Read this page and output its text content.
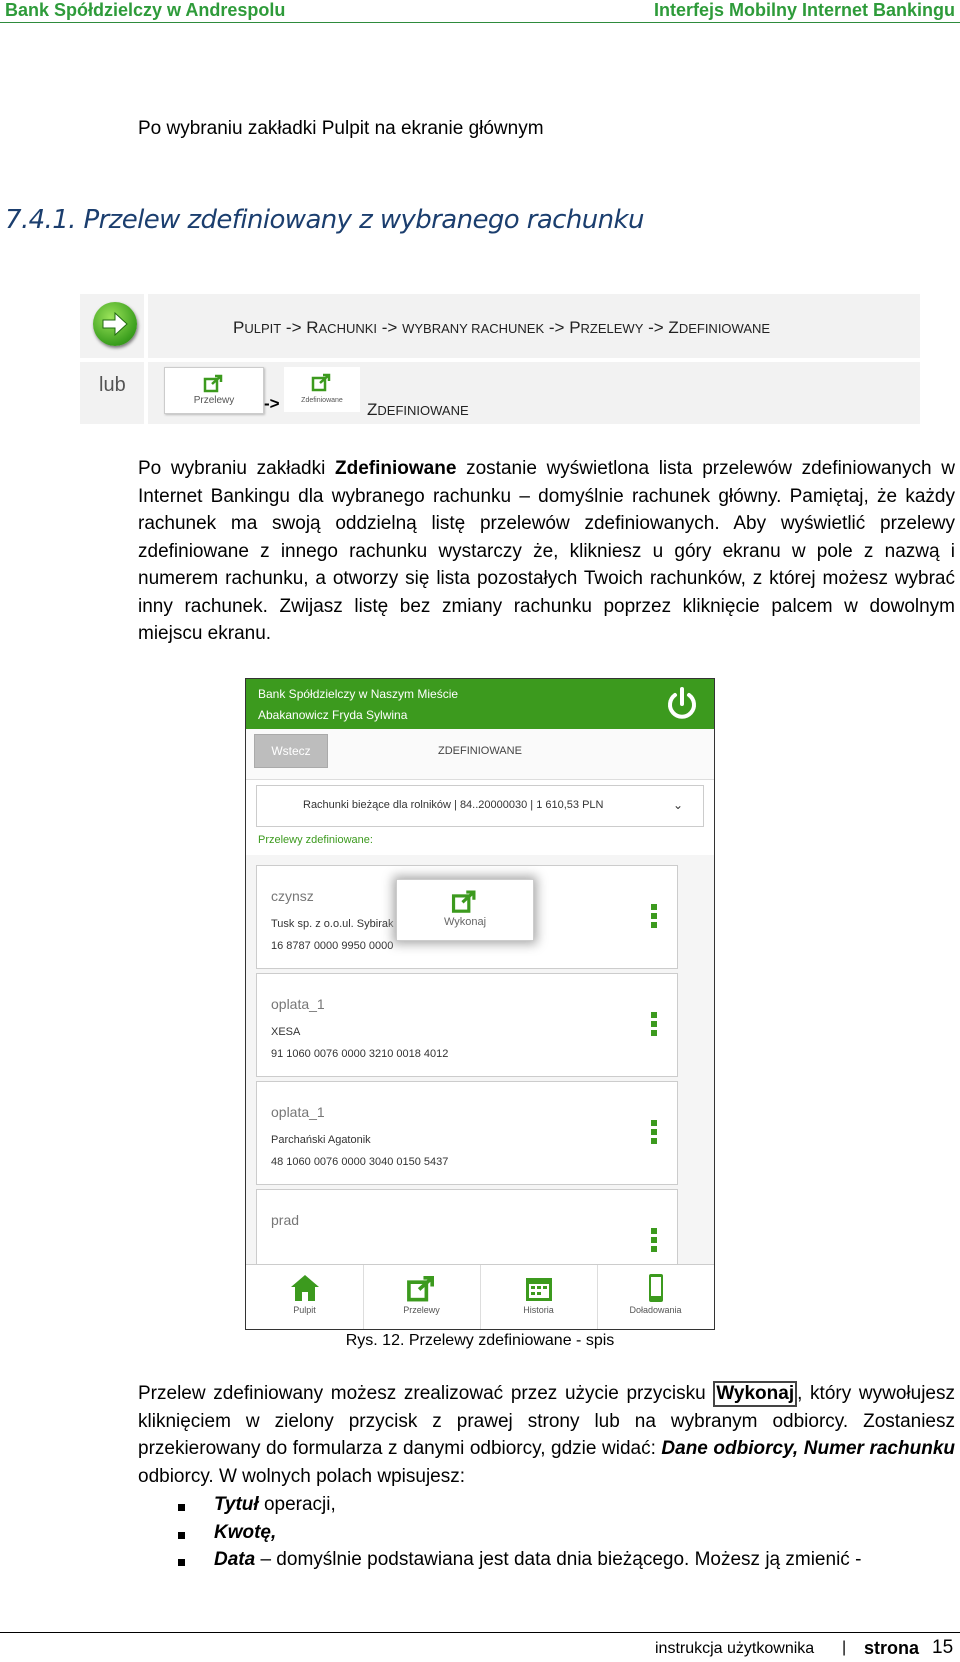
Bank Spółdzielczy w Andrespolu	Interfejs Mobilny Internet Bankingu
Po wybraniu zakładki Pulpit na ekranie głównym
7.4.1. Przelew zdefiniowany z wybranego rachunku
PULPIT -> RACHUNKI -> WYBRANY RACHUNEK -> PRZELEWY -> ZDEFINIOWANE
lub
Przelewy	->	Zdefiniowane	ZDEFINIOWANE
Po wybraniu zakładki Zdefiniowane zostanie wyświetlona lista przelewów zdefiniowanych w Internet Bankingu dla wybranego rachunku – domyślnie rachunek główny. Pamiętaj, że każdy rachunek ma swoją oddzielną listę przelewów zdefiniowanych. Aby wyświetlić przelewy zdefiniowane z innego rachunku wystarczy że, klikniesz u góry ekranu w pole z nazwą i numerem rachunku, a otworzy się lista pozostałych Twoich rachunków, z której możesz wybrać inny rachunek. Zwijasz listę bez zmiany rachunku poprzez kliknięcie palcem w dowolnym miejscu ekranu.
Bank Spółdzielczy w Naszym Mieście
Abakanowicz Fryda Sylwina
Wstecz	ZDEFINIOWANE
Rachunki bieżące dla rolników | 84..20000030 | 1 610,53 PLN	⌄
Przelewy zdefiniowane:
czynsz
Tusk sp. z o.o.ul. Sybirak
16 8787 0000 9950 0000
oplata_1
XESA
91 1060 0076 0000 3210 0018 4012
oplata_1
Parchański Agatonik
48 1060 0076 0000 3040 0150 5437
prad
Wykonaj
Pulpit	Przelewy	Historia	Doładowania
Rys. 12. Przelewy zdefiniowane - spis
Przelew zdefiniowany możesz zrealizować przez użycie przycisku Wykonaj , który wywołujesz kliknięciem w zielony przycisk z prawej strony lub na wybranym odbiorcy. Zostaniesz przekierowany do formularza z danymi odbiorcy, gdzie widać: Dane odbiorcy, Numer rachunku odbiorcy. W wolnych polach wpisujesz:
Tytuł operacji,
Kwotę,
Data – domyślnie podstawiana jest data dnia bieżącego. Możesz ją zmienić -
instrukcja użytkownika | strona 15
